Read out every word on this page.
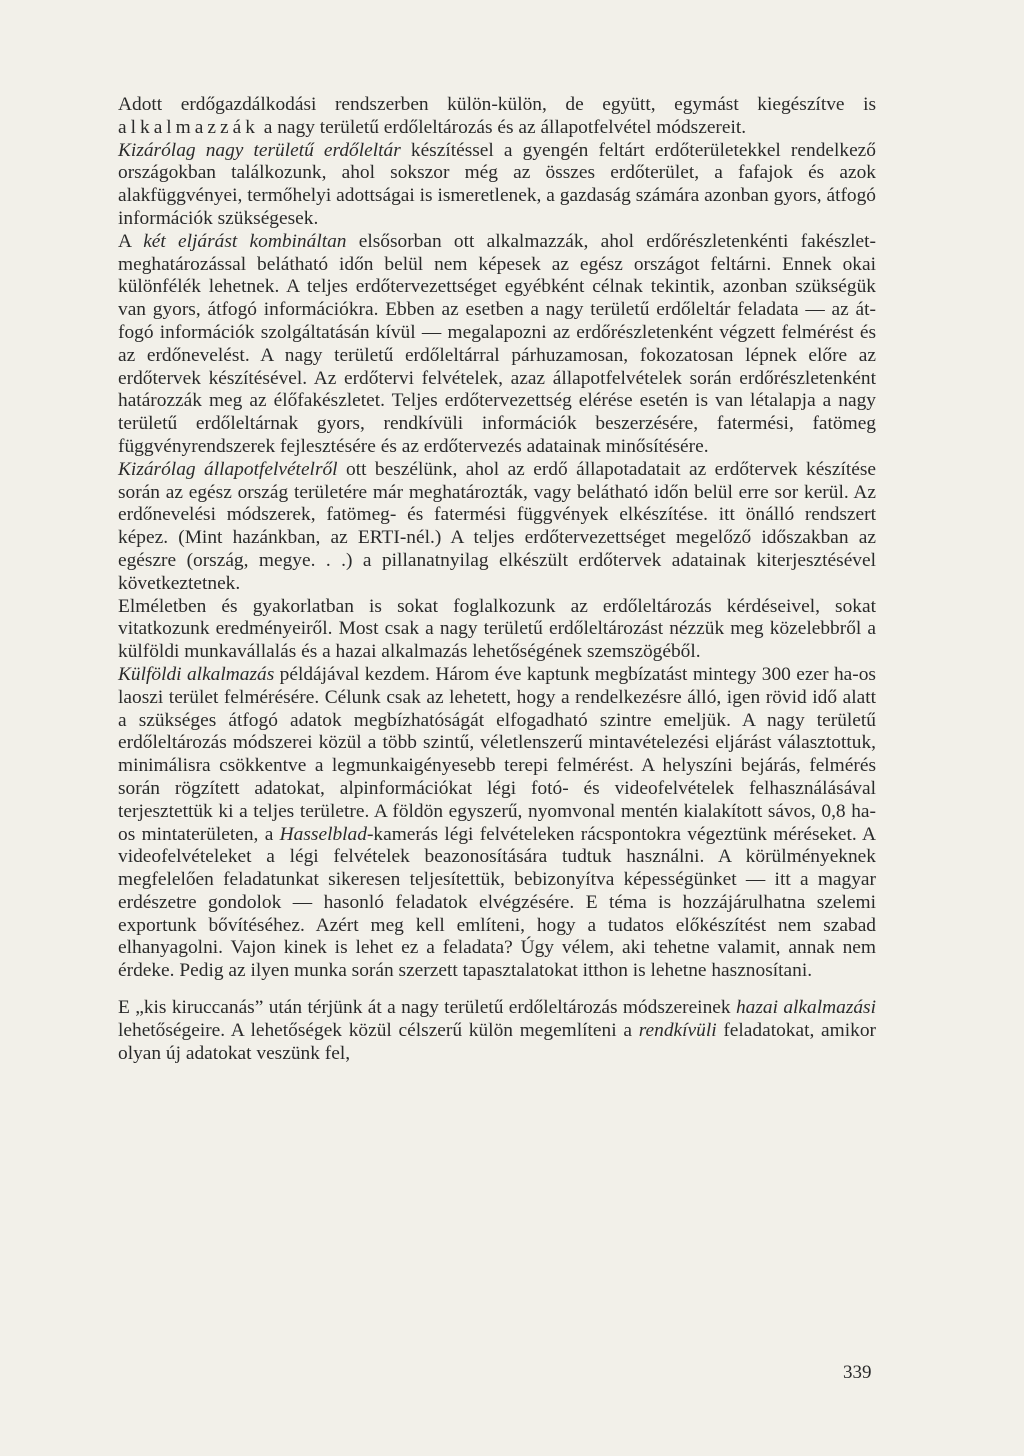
Adott erdőgazdálkodási rendszerben külön-külön, de együtt, egymást kiegészítve is alkalmazzák a nagy területű erdőleltározás és az állapotfelvétel módszereit.

Kizárólag nagy területű erdőleltár készítéssel a gyengén feltárt erdőterületekkel rendelkező országokban találkozunk, ahol sokszor még az összes erdőterület, a fafajok és azok alakfüggvényei, termőhelyi adottságai is ismeretlenek, a gazdaság számára azonban gyors, átfogó információk szükségesek.

A két eljárást kombináltan elsősorban ott alkalmazzák, ahol erdőrészletenkénti fakészlet-meghatározással belátható időn belül nem képesek az egész országot feltárni. Ennek okai különfélék lehetnek. A teljes erdőtervezettséget egyébként célnak tekintik, azonban szükségük van gyors, átfogó információkra. Ebben az esetben a nagy területű erdőleltár feladata — az átfogó információk szolgáltatásán kívül — megalapozni az erdőrészletenként végzett felmérést és az erdőnevelést. A nagy területű erdőleltárral párhuzamosan, fokozatosan lépnek előre az erdőtervek készítésével. Az erdőtervi felvételek, azaz állapotfelvételek során erdőrészletenként határozzák meg az élőfakészletet. Teljes erdőtervezettség elérése esetén is van létalapja a nagy területű erdőleltárnak gyors, rendkívüli információk beszerzésére, fatermési, fatömeg függvényrendszerek fejlesztésére és az erdőtervezés adatainak minősítésére.

Kizárólag állapotfelvételről ott beszélünk, ahol az erdő állapotadatait az erdőtervek készítése során az egész ország területére már meghatározták, vagy belátható időn belül erre sor kerül. Az erdőnevelési módszerek, fatömeg- és fatermési függvények elkészítése. itt önálló rendszert képez. (Mint hazánkban, az ERTI-nél.) A teljes erdőtervezettséget megelőző időszakban az egészre (ország, megye. . .) a pillanatnyilag elkészült erdőtervek adatainak kiterjesztésével következtetnek.

Elméletben és gyakorlatban is sokat foglalkozunk az erdőleltározás kérdéseivel, sokat vitatkozunk eredményeiről. Most csak a nagy területű erdőleltározást nézzük meg közelebbről a külföldi munkavállalás és a hazai alkalmazás lehetőségének szemszögéből.

Külföldi alkalmazás példájával kezdem. Három éve kaptunk megbízatást mintegy 300 ezer ha-os laoszi terület felmérésére. Célunk csak az lehetett, hogy a rendelkezésre álló, igen rövid idő alatt a szükséges átfogó adatok megbízhatóságát elfogadható szintre emeljük. A nagy területű erdőleltározás módszerei közül a több szintű, véletlenszerű mintavételezési eljárást választottuk, minimálisra csökkentve a legmunkaigényesebb terepi felmérést. A helyszíni bejárás, felmérés során rögzített adatokat, alpinformációkat légi fotó- és videofelvételek felhasználásával terjesztettük ki a teljes területre. A földön egyszerű, nyomvonal mentén kialakított sávos, 0,8 ha-os mintaterületen, a Hasselblad-kamerás légi felvételeken rácspontokra végeztünk méréseket. A videofelvételeket a légi felvételek beazonosítására tudtuk használni. A körülményeknek megfelelően feladatunkat sikeresen teljesítettük, bebizonyítva képességünket — itt a magyar erdészetre gondolok — hasonló feladatok elvégzésére. E téma is hozzájárulhatna szelemi exportunk bővítéséhez. Azért meg kell említeni, hogy a tudatos előkészítést nem szabad elhanyagolni. Vajon kinek is lehet ez a feladata? Úgy vélem, aki tehetne valamit, annak nem érdeke. Pedig az ilyen munka során szerzett tapasztalatokat itthon is lehetne hasznosítani.

E „kis kiruccanás” után térjünk át a nagy területű erdőleltározás módszereinek hazai alkalmazási lehetőségeire. A lehetőségek közül célszerű külön megemlíteni a rendkívüli feladatokat, amikor olyan új adatokat veszünk fel,

339
